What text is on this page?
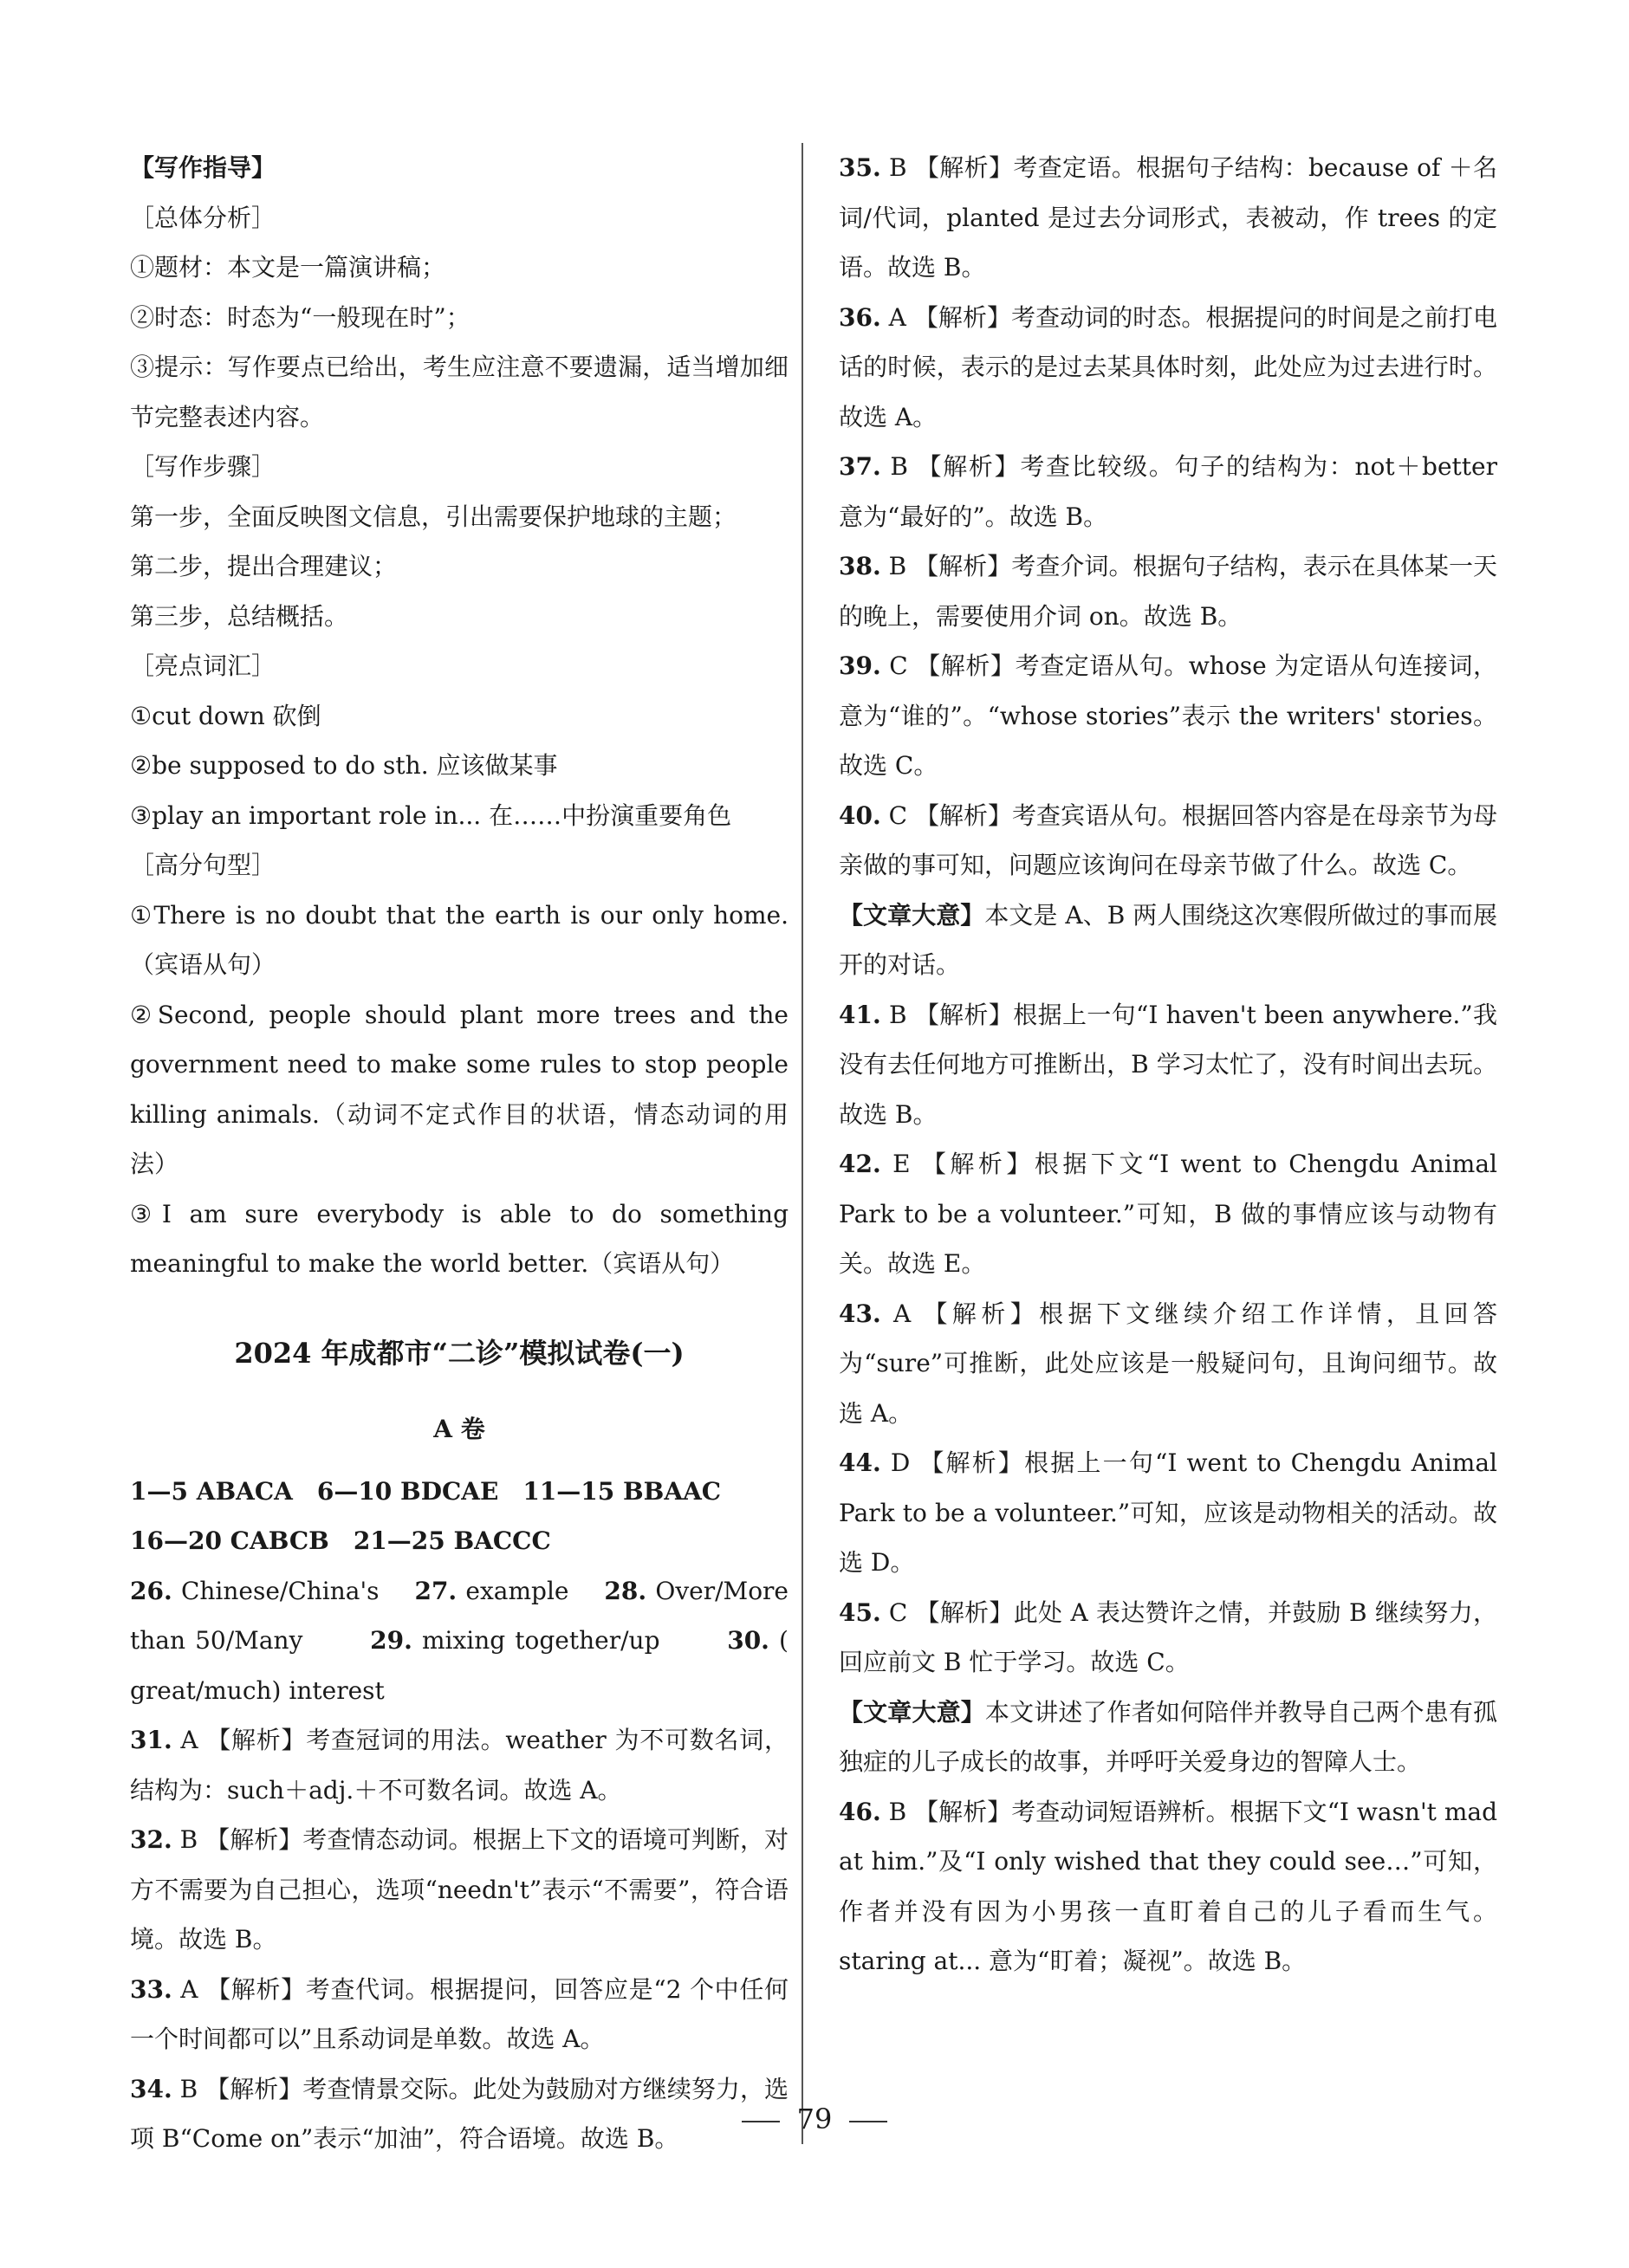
【写作指导】

［总体分析］

①题材：本文是一篇演讲稿；

②时态：时态为“一般现在时”；

③提示：写作要点已给出，考生应注意不要遗漏，适当增加细节完整表述内容。

［写作步骤］

第一步，全面反映图文信息，引出需要保护地球的主题；

第二步，提出合理建议；

第三步，总结概括。

［亮点词汇］

①cut down 砍倒

②be supposed to do sth. 应该做某事

③play an important role in... 在……中扮演重要角色

［高分句型］

①There is no doubt that the earth is our only home.（宾语从句）

②Second, people should plant more trees and the government need to make some rules to stop people killing animals.（动词不定式作目的状语，情态动词的用法）

③I am sure everybody is able to do something meaningful to make the world better.（宾语从句）

2024 年成都市“二诊”模拟试卷(一)

A 卷

1—5 ABACA　6—10 BDCAE　11—15 BBAAC

16—20 CABCB　21—25 BACCC

26. Chinese/China's 27. example 28. Over/More than 50/Many	29. mixing together/up	30. ( great/much) interest

31. A 【解析】考查冠词的用法。weather 为不可数名词，结构为：such＋adj.＋不可数名词。故选 A。

32. B 【解析】考查情态动词。根据上下文的语境可判断，对方不需要为自己担心，选项“needn't”表示“不需要”，符合语境。故选 B。

33. A 【解析】考查代词。根据提问，回答应是“2 个中任何一个时间都可以”且系动词是单数。故选 A。

34. B 【解析】考查情景交际。此处为鼓励对方继续努力，选项 B“Come on”表示“加油”，符合语境。故选 B。

35. B 【解析】考查定语。根据句子结构：because of ＋名词/代词，planted 是过去分词形式，表被动，作 trees 的定语。故选 B。

36. A 【解析】考查动词的时态。根据提问的时间是之前打电话的时候，表示的是过去某具体时刻，此处应为过去进行时。故选 A。

37. B 【解析】考查比较级。句子的结构为：not＋better 意为“最好的”。故选 B。

38. B 【解析】考查介词。根据句子结构，表示在具体某一天的晚上，需要使用介词 on。故选 B。

39. C 【解析】考查定语从句。whose 为定语从句连接词，意为“谁的”。“whose stories”表示 the writers' stories。故选 C。

40. C 【解析】考查宾语从句。根据回答内容是在母亲节为母亲做的事可知，问题应该询问在母亲节做了什么。故选 C。

【文章大意】本文是 A、B 两人围绕这次寒假所做过的事而展开的对话。

41. B 【解析】根据上一句“I haven't been anywhere.”我没有去任何地方可推断出，B 学习太忙了，没有时间出去玩。故选 B。

42. E 【解析】根据下文“I went to Chengdu Animal Park to be a volunteer.”可知，B 做的事情应该与动物有关。故选 E。

43. A 【解析】根据下文继续介绍工作详情，且回答为“sure”可推断，此处应该是一般疑问句，且询问细节。故选 A。

44. D 【解析】根据上一句“I went to Chengdu Animal Park to be a volunteer.”可知，应该是动物相关的活动。故选 D。

45. C 【解析】此处 A 表达赞许之情，并鼓励 B 继续努力，回应前文 B 忙于学习。故选 C。

【文章大意】本文讲述了作者如何陪伴并教导自己两个患有孤独症的儿子成长的故事，并呼吁关爱身边的智障人士。

46. B 【解析】考查动词短语辨析。根据下文“I wasn't mad at him.”及“I only wished that they could see…”可知，作者并没有因为小男孩一直盯着自己的儿子看而生气。staring at... 意为“盯着；凝视”。故选 B。

79
